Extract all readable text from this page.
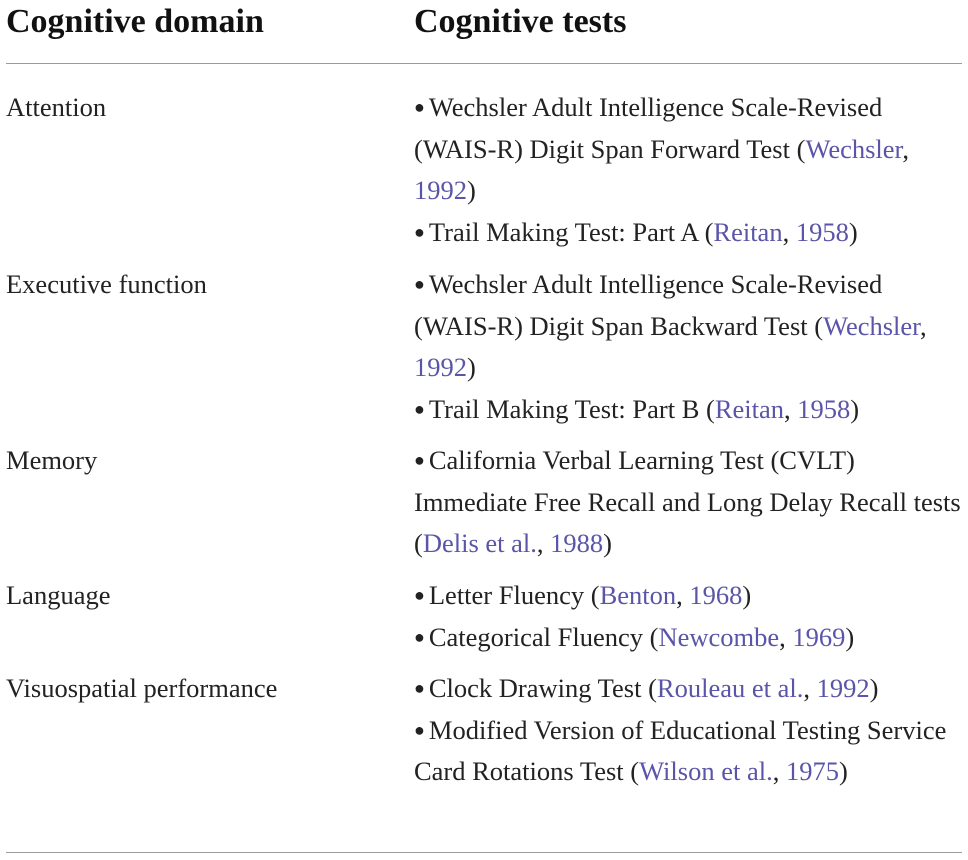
Cognitive domain	Cognitive tests
Attention	● Wechsler Adult Intelligence Scale-Revised (WAIS-R) Digit Span Forward Test (Wechsler, 1992)
● Trail Making Test: Part A (Reitan, 1958)
Executive function	● Wechsler Adult Intelligence Scale-Revised (WAIS-R) Digit Span Backward Test (Wechsler, 1992)
● Trail Making Test: Part B (Reitan, 1958)
Memory	● California Verbal Learning Test (CVLT) Immediate Free Recall and Long Delay Recall tests (Delis et al., 1988)
Language	● Letter Fluency (Benton, 1968)
● Categorical Fluency (Newcombe, 1969)
Visuospatial performance	● Clock Drawing Test (Rouleau et al., 1992)
● Modified Version of Educational Testing Service Card Rotations Test (Wilson et al., 1975)
